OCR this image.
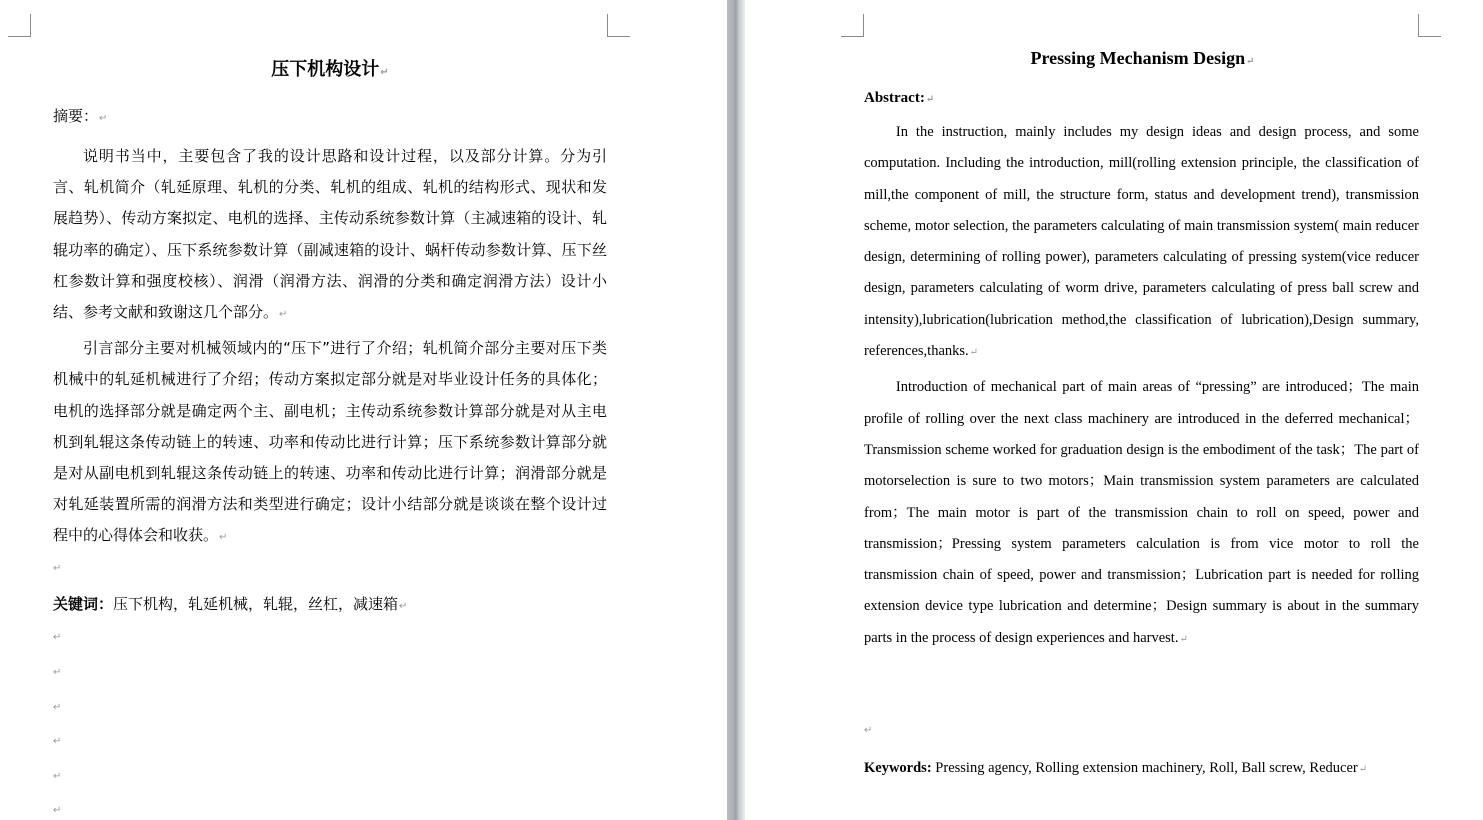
压下机构设计↵
摘要：↵

说明书当中，主要包含了我的设计思路和设计过程，以及部分计算。分为引言、轧机简介（轧延原理、轧机的分类、轧机的组成、轧机的结构形式、现状和发展趋势）、传动方案拟定、电机的选择、主传动系统参数计算（主减速箱的设计、轧辊功率的确定）、压下系统参数计算（副减速箱的设计、蜗杆传动参数计算、压下丝杠参数计算和强度校核）、润滑（润滑方法、润滑的分类和确定润滑方法）设计小结、参考文献和致谢这几个部分。↵

引言部分主要对机械领域内的“压下”进行了介绍；轧机简介部分主要对压下类机械中的轧延机械进行了介绍；传动方案拟定部分就是对毕业设计任务的具体化；电机的选择部分就是确定两个主、副电机；主传动系统参数计算部分就是对从主电机到轧辊这条传动链上的转速、功率和传动比进行计算；压下系统参数计算部分就是对从副电机到轧辊这条传动链上的转速、功率和传动比进行计算；润滑部分就是对轧延装置所需的润滑方法和类型进行确定；设计小结部分就是谈谈在整个设计过程中的心得体会和收获。↵

↵
关键词：压下机构，轧延机械，轧辊，丝杠，减速箱↵
↵
↵
↵
↵
↵
↵
Pressing Mechanism Design↵
Abstract:↵

In the instruction, mainly includes my design ideas and design process, and some computation. Including the introduction, mill(rolling extension principle, the classification of mill,the component of mill, the structure form, status and development trend), transmission scheme, motor selection, the parameters calculating of main transmission system( main reducer design, determining of rolling power), parameters calculating of pressing system(vice reducer design, parameters calculating of worm drive, parameters calculating of press ball screw and intensity),lubrication(lubrication method,the classification of lubrication),Design summary, references,thanks.↵

Introduction of mechanical part of main areas of “pressing” are introduced；The main profile of rolling over the next class machinery are introduced in the deferred mechanical；Transmission scheme worked for graduation design is the embodiment of the task；The part of motorselection is sure to two motors；Main transmission system parameters are calculated from；The main motor is part of the transmission chain to roll on speed, power and transmission；Pressing system parameters calculation is from vice motor to roll the transmission chain of speed, power and transmission；Lubrication part is needed for rolling extension device type lubrication and determine；Design summary is about in the summary parts in the process of design experiences and harvest.↵

↵
Keywords: Pressing agency, Rolling extension machinery, Roll, Ball screw, Reducer↵
